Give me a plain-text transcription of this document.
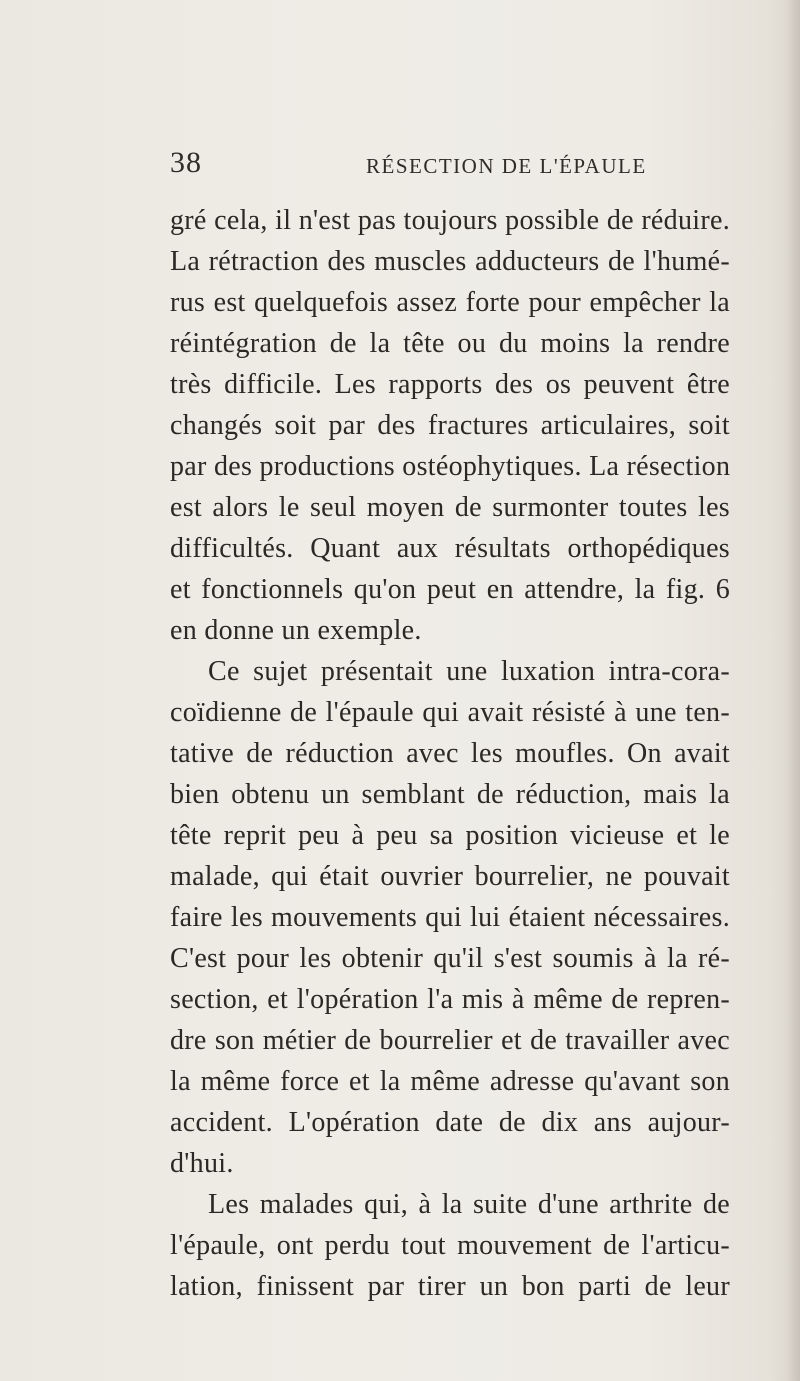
38	RÉSECTION DE L'ÉPAULE
gré cela, il n'est pas toujours possible de réduire.
La rétraction des muscles adducteurs de l'humé-
rus est quelquefois assez forte pour empêcher la
réintégration de la tête ou du moins la rendre
très difficile. Les rapports des os peuvent être
changés soit par des fractures articulaires, soit
par des productions ostéophytiques. La résection
est alors le seul moyen de surmonter toutes les
difficultés. Quant aux résultats orthopédiques
et fonctionnels qu'on peut en attendre, la fig. 6
en donne un exemple.
Ce sujet présentait une luxation intra-cora-
coïdienne de l'épaule qui avait résisté à une ten-
tative de réduction avec les moufles. On avait
bien obtenu un semblant de réduction, mais la
tête reprit peu à peu sa position vicieuse et le
malade, qui était ouvrier bourrelier, ne pouvait
faire les mouvements qui lui étaient nécessaires.
C'est pour les obtenir qu'il s'est soumis à la ré-
section, et l'opération l'a mis à même de repren-
dre son métier de bourrelier et de travailler avec
la même force et la même adresse qu'avant son
accident. L'opération date de dix ans aujour-
d'hui.
Les malades qui, à la suite d'une arthrite de
l'épaule, ont perdu tout mouvement de l'articu-
lation, finissent par tirer un bon parti de leur
